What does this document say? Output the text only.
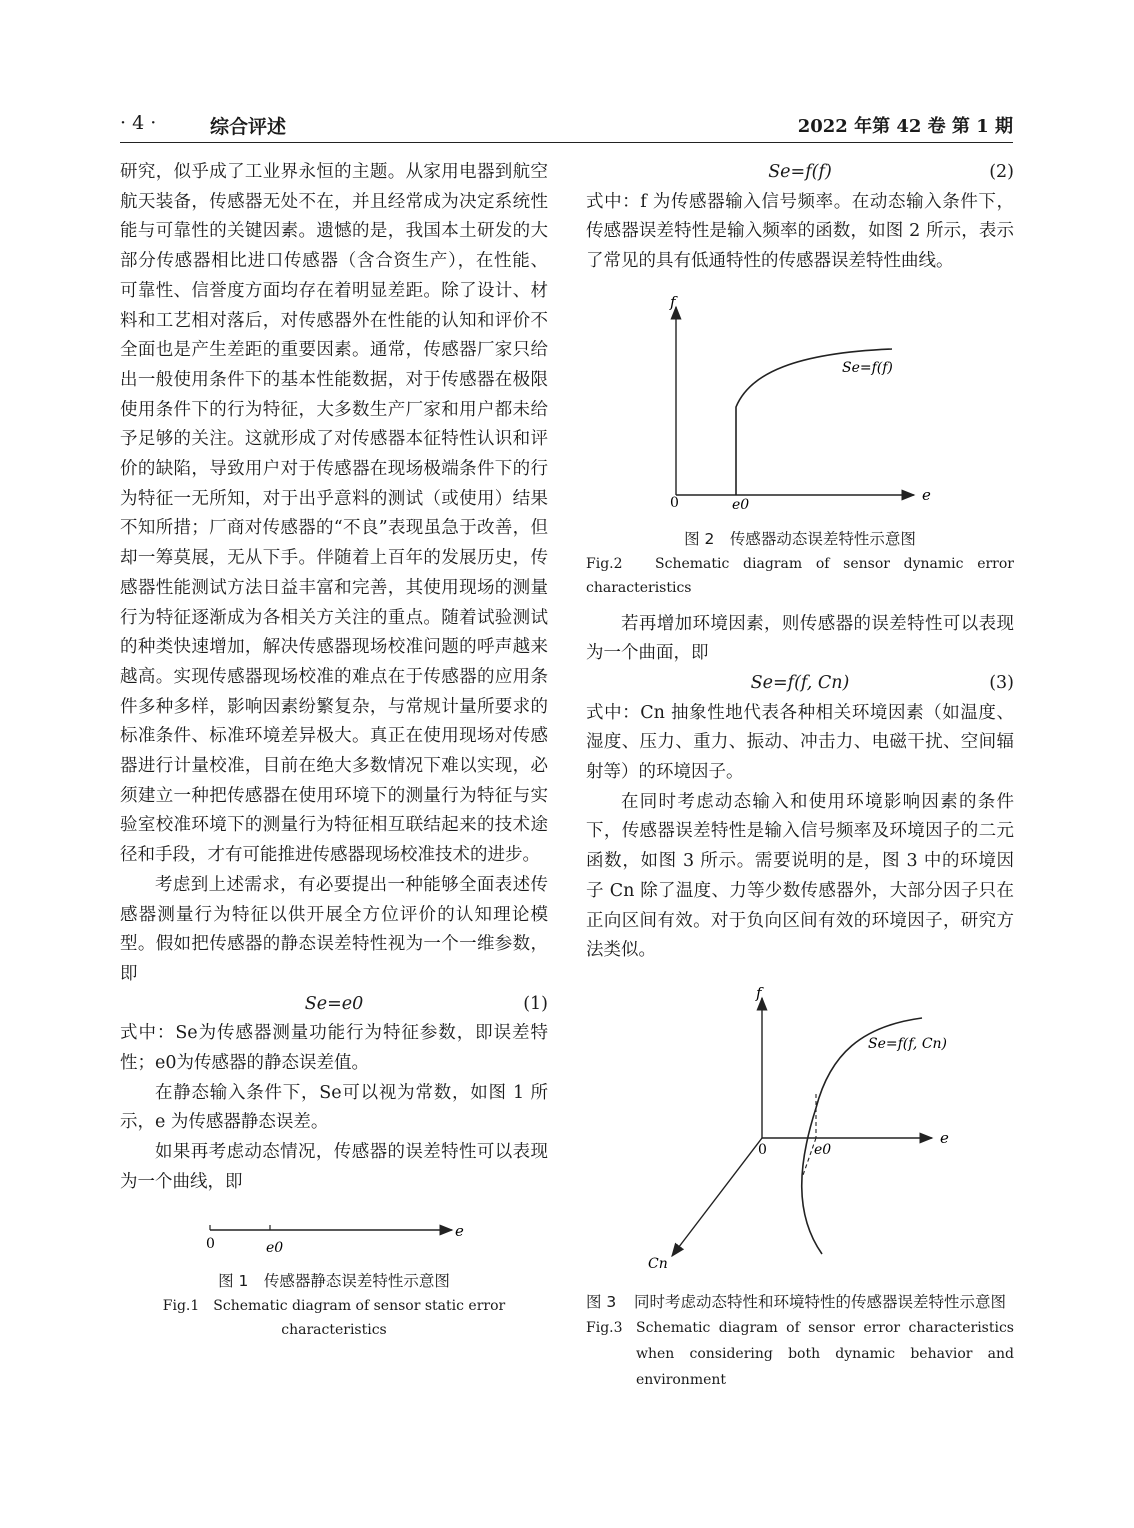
· 4 ·	综合评述	2022 年第 42 卷 第 1 期

研究，似乎成了工业界永恒的主题。从家用电器到航空航天装备，传感器无处不在，并且经常成为决定系统性能与可靠性的关键因素。遗憾的是，我国本土研发的大部分传感器相比进口传感器（含合资生产），在性能、可靠性、信誉度方面均存在着明显差距。除了设计、材料和工艺相对落后，对传感器外在性能的认知和评价不全面也是产生差距的重要因素。通常，传感器厂家只给出一般使用条件下的基本性能数据，对于传感器在极限使用条件下的行为特征，大多数生产厂家和用户都未给予足够的关注。这就形成了对传感器本征特性认识和评价的缺陷，导致用户对于传感器在现场极端条件下的行为特征一无所知，对于出乎意料的测试（或使用）结果不知所措；厂商对传感器的“不良”表现虽急于改善，但却一筹莫展，无从下手。伴随着上百年的发展历史，传感器性能测试方法日益丰富和完善，其使用现场的测量行为特征逐渐成为各相关方关注的重点。随着试验测试的种类快速增加，解决传感器现场校准问题的呼声越来越高。实现传感器现场校准的难点在于传感器的应用条件多种多样，影响因素纷繁复杂，与常规计量所要求的标准条件、标准环境差异极大。真正在使用现场对传感器进行计量校准，目前在绝大多数情况下难以实现，必须建立一种把传感器在使用环境下的测量行为特征与实验室校准环境下的测量行为特征相互联结起来的技术途径和手段，才有可能推进传感器现场校准技术的进步。

考虑到上述需求，有必要提出一种能够全面表述传感器测量行为特征以供开展全方位评价的认知理论模型。假如把传感器的静态误差特性视为一个一维参数，即

Se=e0	(1)

式中：Se为传感器测量功能行为特征参数，即误差特性；e0为传感器的静态误差值。

在静态输入条件下，Se可以视为常数，如图 1 所示，e 为传感器静态误差。

如果再考虑动态情况，传感器的误差特性可以表现为一个曲线，即

0	e0
e
图 1　传感器静态误差特性示意图
Fig.1　Schematic diagram of sensor static error characteristics
Se=f(f)	(2)

式中：f 为传感器输入信号频率。在动态输入条件下，传感器误差特性是输入频率的函数，如图 2 所示，表示了常见的具有低通特性的传感器误差特性曲线。

f
e
0	e0
Se=f(f)
图 2　传感器动态误差特性示意图
Fig.2　Schematic diagram of sensor dynamic error characteristics

若再增加环境因素，则传感器的误差特性可以表现为一个曲面，即

Se=f(f, Cn)	(3)

式中：Cn 抽象性地代表各种相关环境因素（如温度、湿度、压力、重力、振动、冲击力、电磁干扰、空间辐射等）的环境因子。

在同时考虑动态输入和使用环境影响因素的条件下，传感器误差特性是输入信号频率及环境因子的二元函数，如图 3 所示。需要说明的是，图 3 中的环境因子 Cn 除了温度、力等少数传感器外，大部分因子只在正向区间有效。对于负向区间有效的环境因子，研究方法类似。

f
e
Cn
0	e0
Se=f(f, Cn)
图 3	同时考虑动态特性和环境特性的传感器误差特性示意图
Fig.3 Schematic diagram of sensor error characteristics when considering both dynamic behavior and environment
